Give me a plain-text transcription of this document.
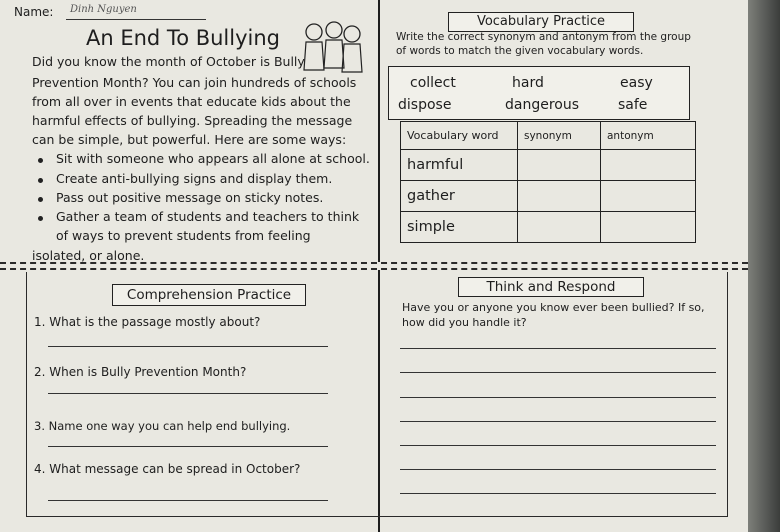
Name: Dinh Nguyen
An End To Bullying
Did you know the month of October is Bully
Prevention Month? You can join hundreds of schools
from all over in events that educate kids about the
harmful effects of bullying. Spreading the message
can be simple, but powerful. Here are some ways:
Sit with someone who appears all alone at school.
Create anti-bullying signs and display them.
Pass out positive message on sticky notes.
Gather a team of students and teachers to think
of ways to prevent students from feeling
isolated, or alone.
Vocabulary Practice
Write the correct synonym and antonym from the group
of words to match the given vocabulary words.
collect	hard	easy
dispose	dangerous	safe
Vocabulary word	synonym	antonym
harmful		
gather		
simple		
Comprehension Practice
1. What is the passage mostly about?
2. When is Bully Prevention Month?
3. Name one way you can help end bullying.
4. What message can be spread in October?
Think and Respond
Have you or anyone you know ever been bullied? If so,
how did you handle it?
